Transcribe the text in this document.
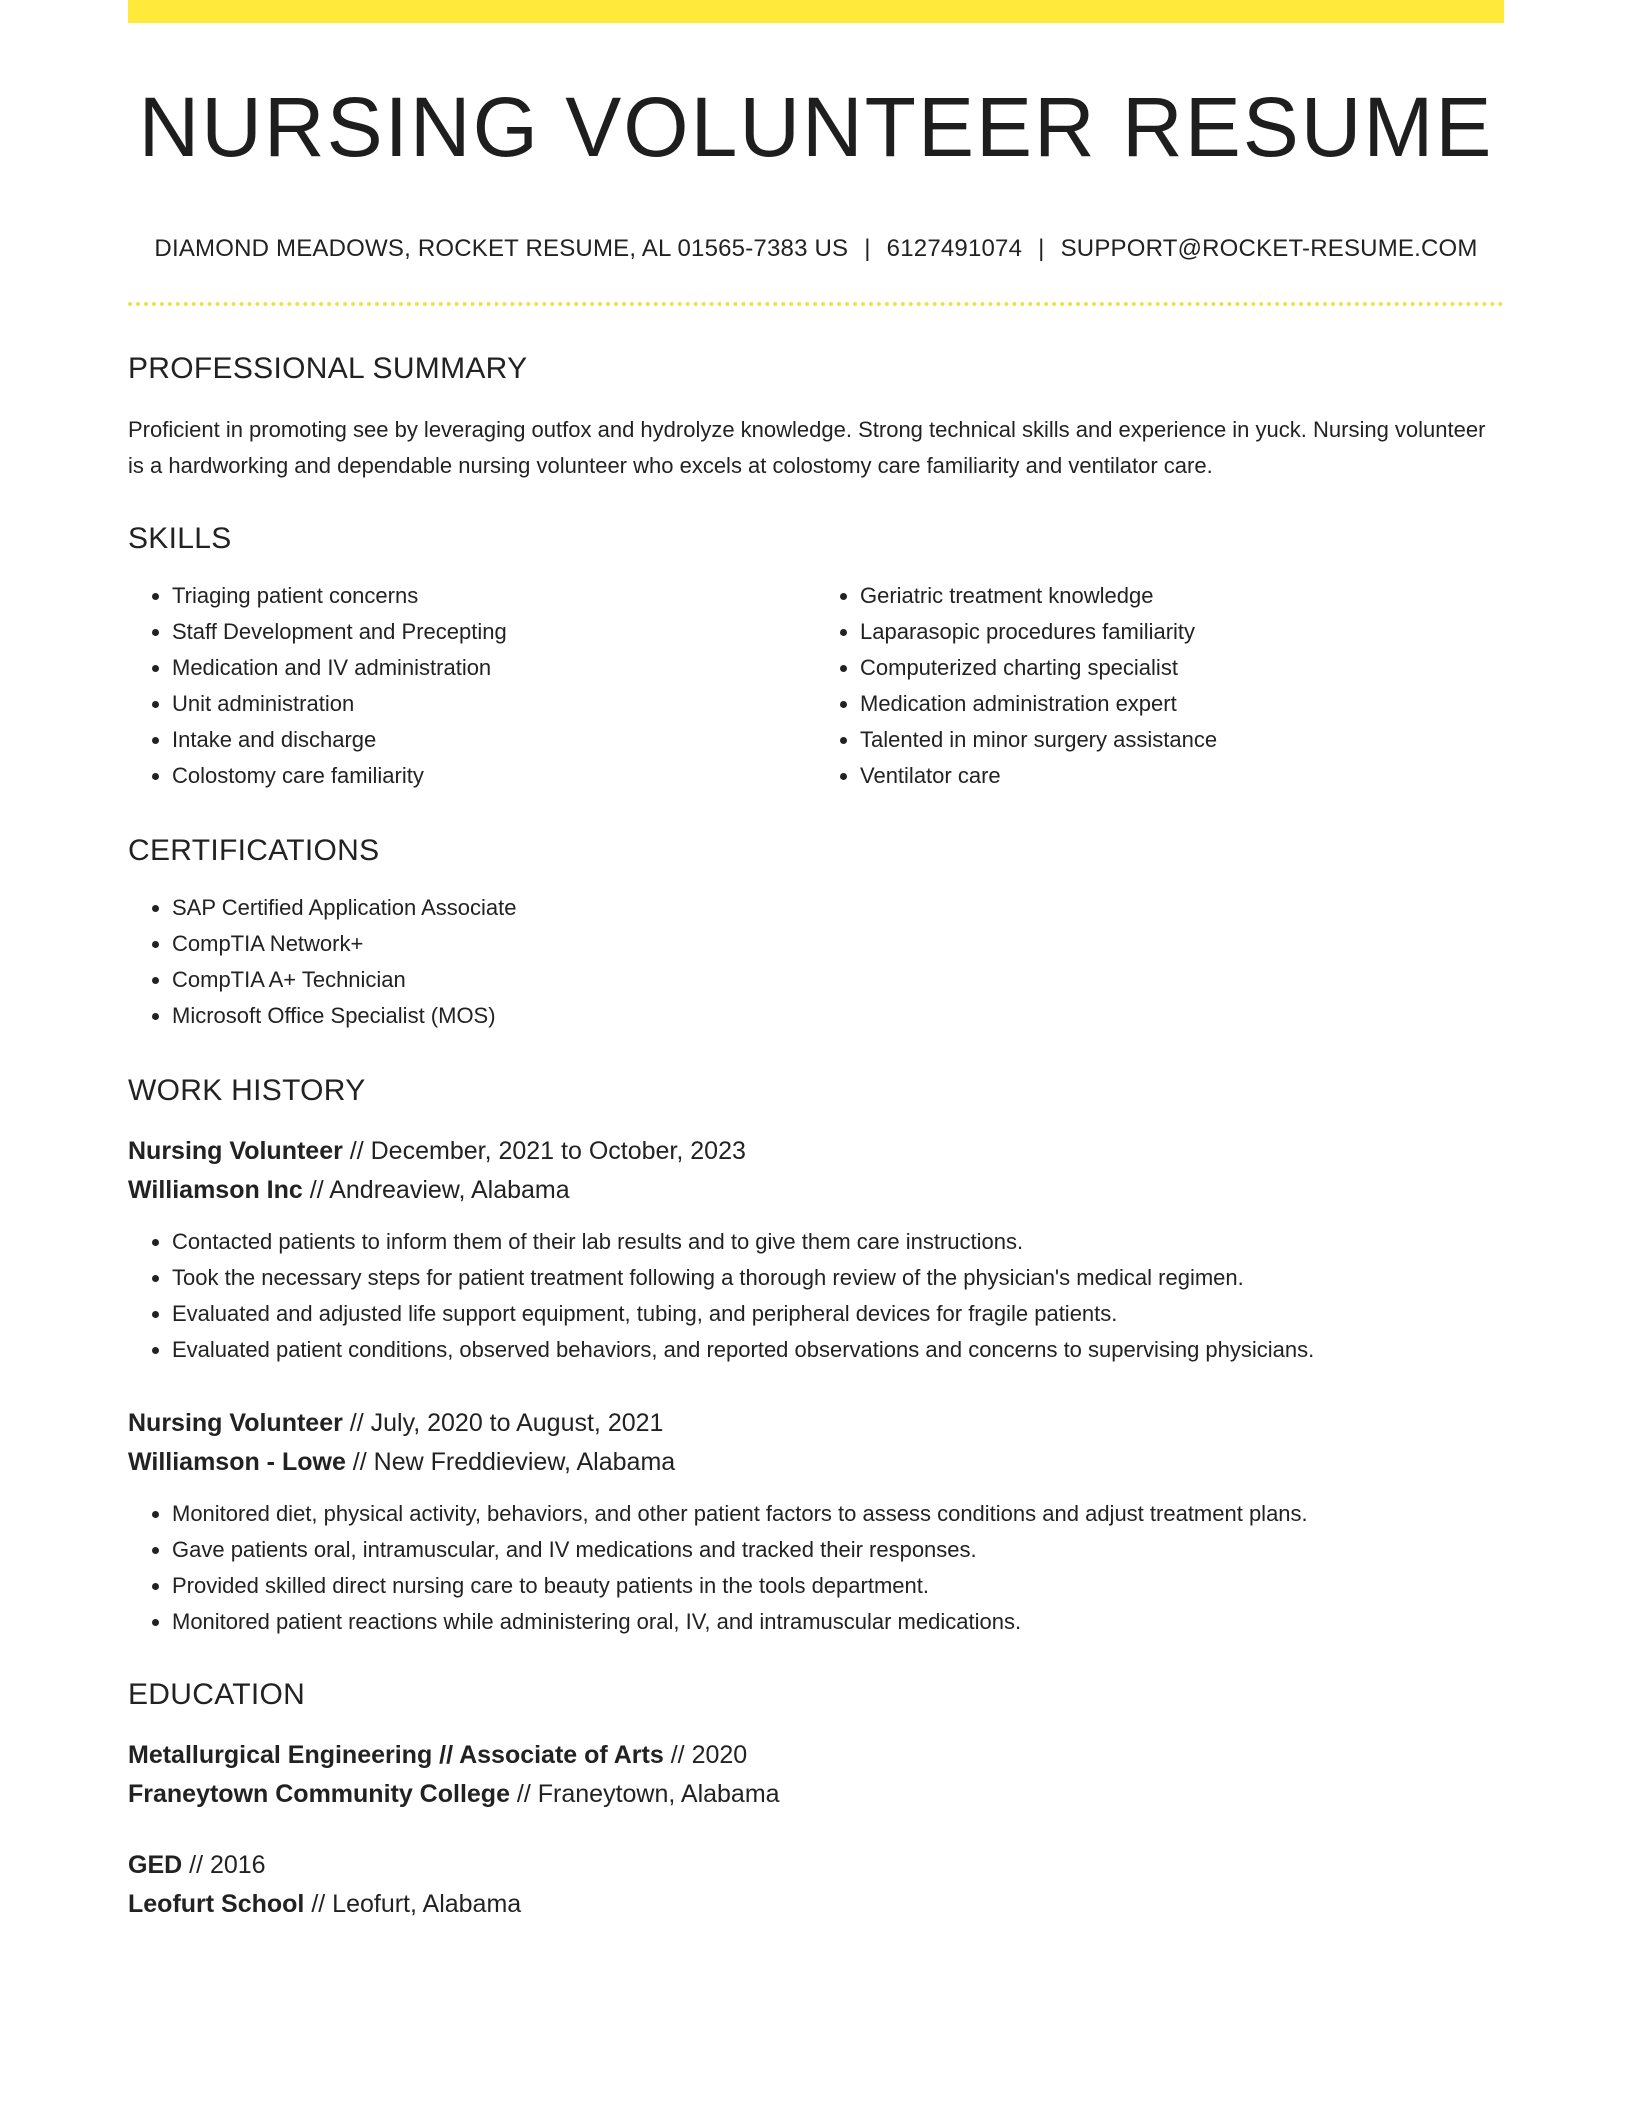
NURSING VOLUNTEER RESUME
DIAMOND MEADOWS, ROCKET RESUME, AL 01565-7383 US | 6127491074 | SUPPORT@ROCKET-RESUME.COM
PROFESSIONAL SUMMARY

Proficient in promoting see by leveraging outfox and hydrolyze knowledge. Strong technical skills and experience in yuck. Nursing volunteer is a hardworking and dependable nursing volunteer who excels at colostomy care familiarity and ventilator care.

SKILLS
• Triaging patient concerns
• Staff Development and Precepting
• Medication and IV administration
• Unit administration
• Intake and discharge
• Colostomy care familiarity
• Geriatric treatment knowledge
• Laparasopic procedures familiarity
• Computerized charting specialist
• Medication administration expert
• Talented in minor surgery assistance
• Ventilator care
CERTIFICATIONS
• SAP Certified Application Associate
• CompTIA Network+
• CompTIA A+ Technician
• Microsoft Office Specialist (MOS)
WORK HISTORY
Nursing Volunteer // December, 2021 to October, 2023
Williamson Inc // Andreaview, Alabama
• Contacted patients to inform them of their lab results and to give them care instructions.
• Took the necessary steps for patient treatment following a thorough review of the physician's medical regimen.
• Evaluated and adjusted life support equipment, tubing, and peripheral devices for fragile patients.
• Evaluated patient conditions, observed behaviors, and reported observations and concerns to supervising physicians.
Nursing Volunteer // July, 2020 to August, 2021
Williamson - Lowe // New Freddieview, Alabama
• Monitored diet, physical activity, behaviors, and other patient factors to assess conditions and adjust treatment plans.
• Gave patients oral, intramuscular, and IV medications and tracked their responses.
• Provided skilled direct nursing care to beauty patients in the tools department.
• Monitored patient reactions while administering oral, IV, and intramuscular medications.
EDUCATION
Metallurgical Engineering // Associate of Arts // 2020
Franeytown Community College // Franeytown, Alabama
GED // 2016
Leofurt School // Leofurt, Alabama
